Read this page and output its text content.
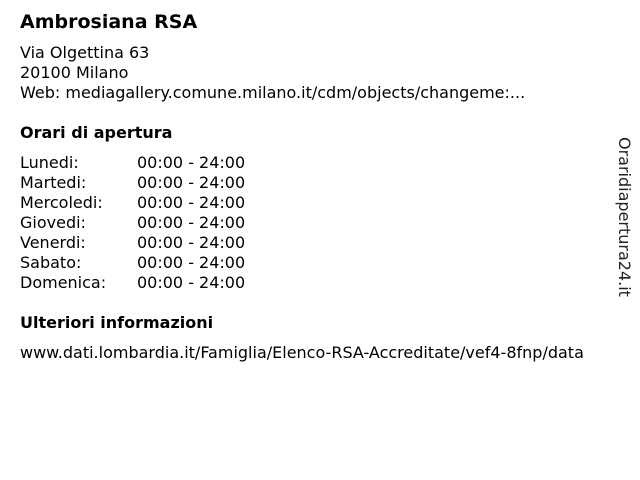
Ambrosiana RSA
Via Olgettina 63
20100 Milano
Web: mediagallery.comune.milano.it/cdm/objects/changeme:...
Orari di apertura
Lunedi:	00:00 - 24:00
Martedi:	00:00 - 24:00
Mercoledi: 00:00 - 24:00
Giovedi:	00:00 - 24:00
Venerdi:	00:00 - 24:00
Sabato:	00:00 - 24:00
Domenica: 00:00 - 24:00
Ulteriori informazioni
www.dati.lombardia.it/Famiglia/Elenco-RSA-Accreditate/vef4-8fnp/data
Oraridiapertura24.it
